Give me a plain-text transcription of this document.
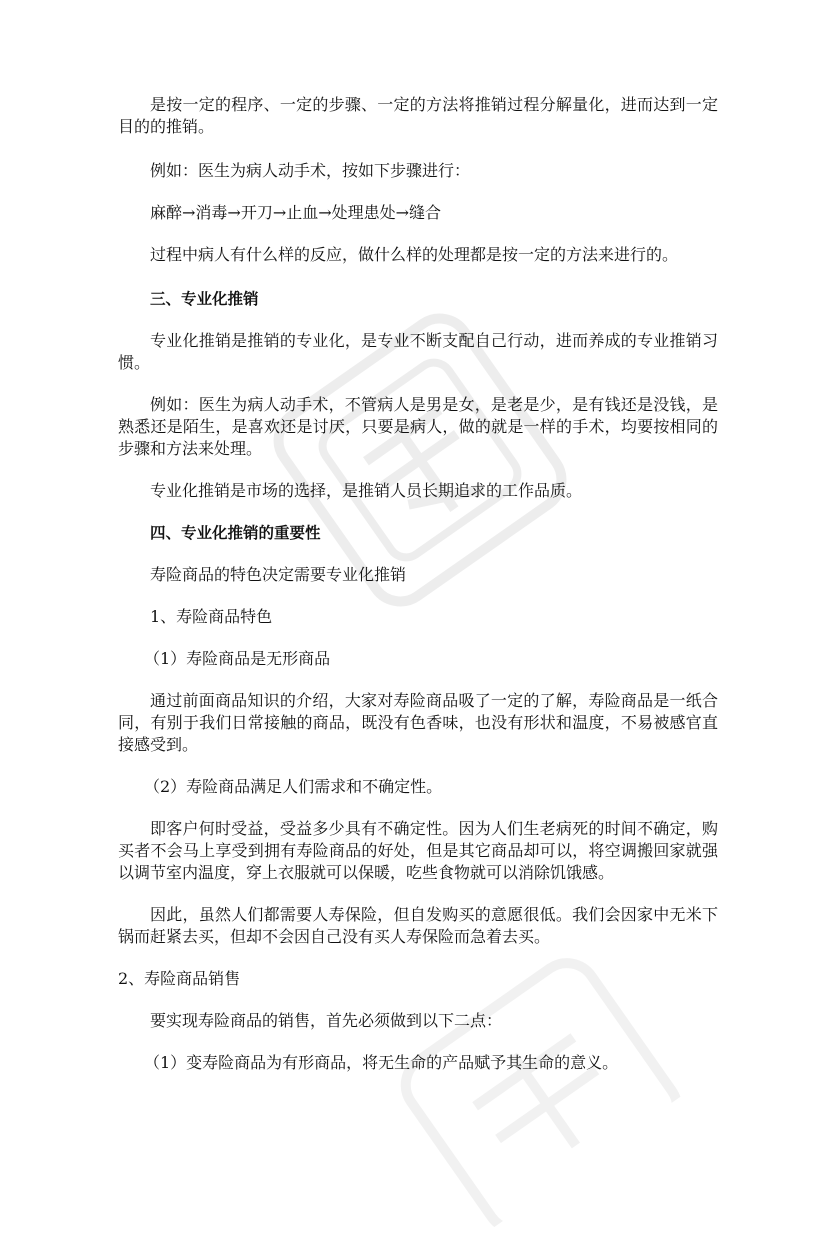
是按一定的程序、一定的步骤、一定的方法将推销过程分解量化，进而达到一定目的的推销。

例如：医生为病人动手术，按如下步骤进行：

麻醉→消毒→开刀→止血→处理患处→缝合

过程中病人有什么样的反应，做什么样的处理都是按一定的方法来进行的。

三、专业化推销

专业化推销是推销的专业化，是专业不断支配自己行动，进而养成的专业推销习惯。

例如：医生为病人动手术，不管病人是男是女，是老是少，是有钱还是没钱，是熟悉还是陌生，是喜欢还是讨厌，只要是病人，做的就是一样的手术，均要按相同的步骤和方法来处理。

专业化推销是市场的选择，是推销人员长期追求的工作品质。

四、专业化推销的重要性

寿险商品的特色决定需要专业化推销

1、寿险商品特色

（1）寿险商品是无形商品

通过前面商品知识的介绍，大家对寿险商品吸了一定的了解，寿险商品是一纸合同，有别于我们日常接触的商品，既没有色香味，也没有形状和温度，不易被感官直接感受到。

（2）寿险商品满足人们需求和不确定性。

即客户何时受益，受益多少具有不确定性。因为人们生老病死的时间不确定，购买者不会马上享受到拥有寿险商品的好处，但是其它商品却可以，将空调搬回家就强以调节室内温度，穿上衣服就可以保暖，吃些食物就可以消除饥饿感。

因此，虽然人们都需要人寿保险，但自发购买的意愿很低。我们会因家中无米下锅而赶紧去买，但却不会因自己没有买人寿保险而急着去买。

2、寿险商品销售

要实现寿险商品的销售，首先必须做到以下二点：

（1）变寿险商品为有形商品，将无生命的产品赋予其生命的意义。
